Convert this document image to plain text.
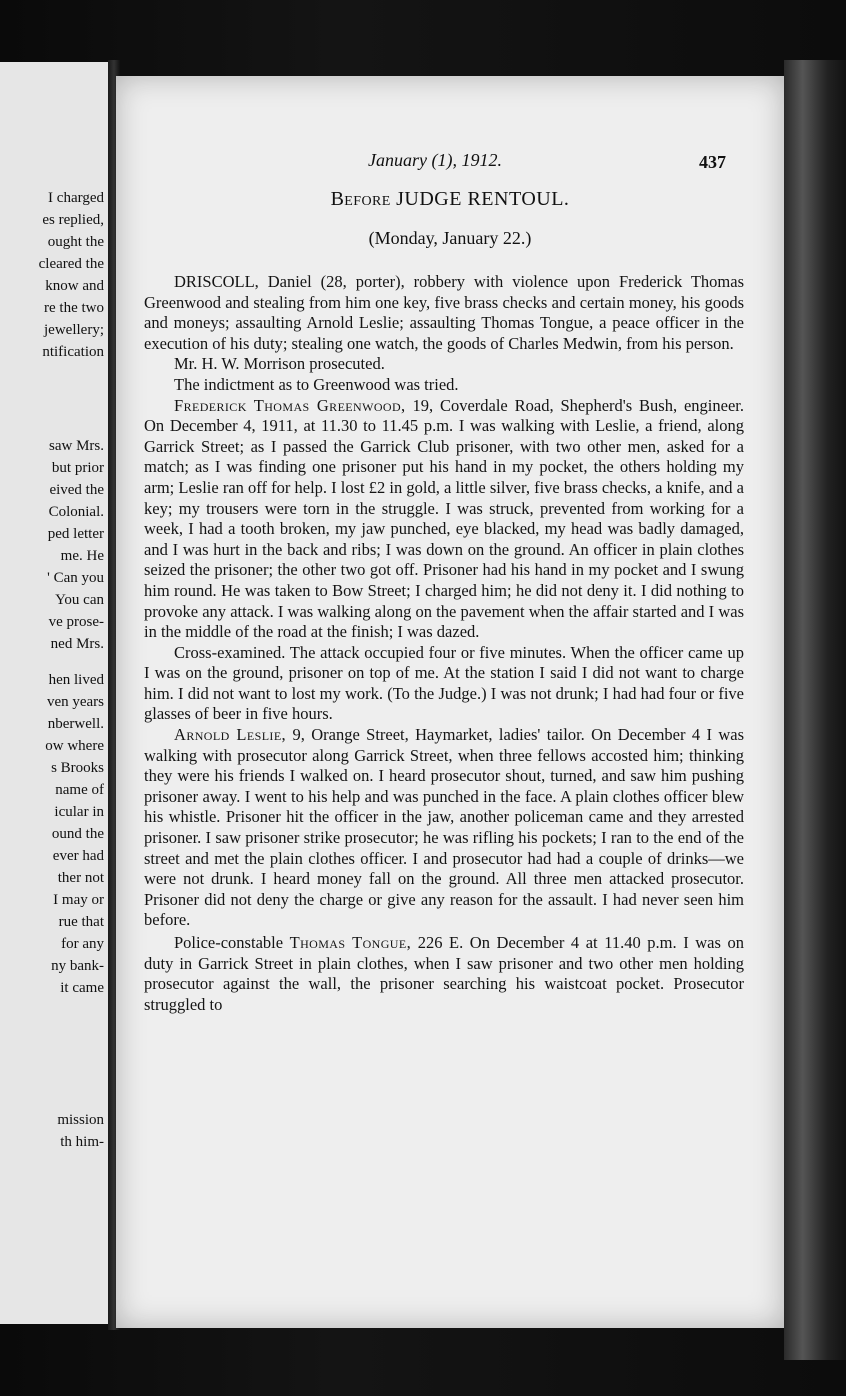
I charged
es replied,
ought the
cleared the
know and
re the two
jewellery;
ntification
saw Mrs.
but prior
eived the
Colonial.
ped letter
me. He
' Can you
You can
ve prose-
ned Mrs.
hen lived
ven years
nberwell.
ow where
s Brooks
name of
icular in
ound the
ever had
ther not
I may or
rue that
for any
ny bank-
it came
mission
th him-
January (1), 1912.	437
Before JUDGE RENTOUL.
(Monday, January 22.)

DRISCOLL, Daniel (28, porter), robbery with violence upon Frederick Thomas Greenwood and stealing from him one key, five brass checks and certain money, his goods and moneys; assaulting Arnold Leslie; assaulting Thomas Tongue, a peace officer in the execution of his duty; stealing one watch, the goods of Charles Medwin, from his person.

Mr. H. W. Morrison prosecuted.

The indictment as to Greenwood was tried.

Frederick Thomas Greenwood, 19, Coverdale Road, Shepherd's Bush, engineer. On December 4, 1911, at 11.30 to 11.45 p.m. I was walking with Leslie, a friend, along Garrick Street; as I passed the Garrick Club prisoner, with two other men, asked for a match; as I was finding one prisoner put his hand in my pocket, the others holding my arm; Leslie ran off for help. I lost £2 in gold, a little silver, five brass checks, a knife, and a key; my trousers were torn in the struggle. I was struck, prevented from working for a week, I had a tooth broken, my jaw punched, eye blacked, my head was badly damaged, and I was hurt in the back and ribs; I was down on the ground. An officer in plain clothes seized the prisoner; the other two got off. Prisoner had his hand in my pocket and I swung him round. He was taken to Bow Street; I charged him; he did not deny it. I did nothing to provoke any attack. I was walking along on the pavement when the affair started and I was in the middle of the road at the finish; I was dazed.

Cross-examined. The attack occupied four or five minutes. When the officer came up I was on the ground, prisoner on top of me. At the station I said I did not want to charge him. I did not want to lost my work. (To the Judge.) I was not drunk; I had had four or five glasses of beer in five hours.

Arnold Leslie, 9, Orange Street, Haymarket, ladies' tailor. On December 4 I was walking with prosecutor along Garrick Street, when three fellows accosted him; thinking they were his friends I walked on. I heard prosecutor shout, turned, and saw him pushing prisoner away. I went to his help and was punched in the face. A plain clothes officer blew his whistle. Prisoner hit the officer in the jaw, another policeman came and they arrested prisoner. I saw prisoner strike prosecutor; he was rifling his pockets; I ran to the end of the street and met the plain clothes officer. I and prosecutor had had a couple of drinks—we were not drunk. I heard money fall on the ground. All three men attacked prosecutor. Prisoner did not deny the charge or give any reason for the assault. I had never seen him before.

Police-constable Thomas Tongue, 226 E. On December 4 at 11.40 p.m. I was on duty in Garrick Street in plain clothes, when I saw prisoner and two other men holding prosecutor against the wall, the prisoner searching his waistcoat pocket. Prosecutor struggled to
